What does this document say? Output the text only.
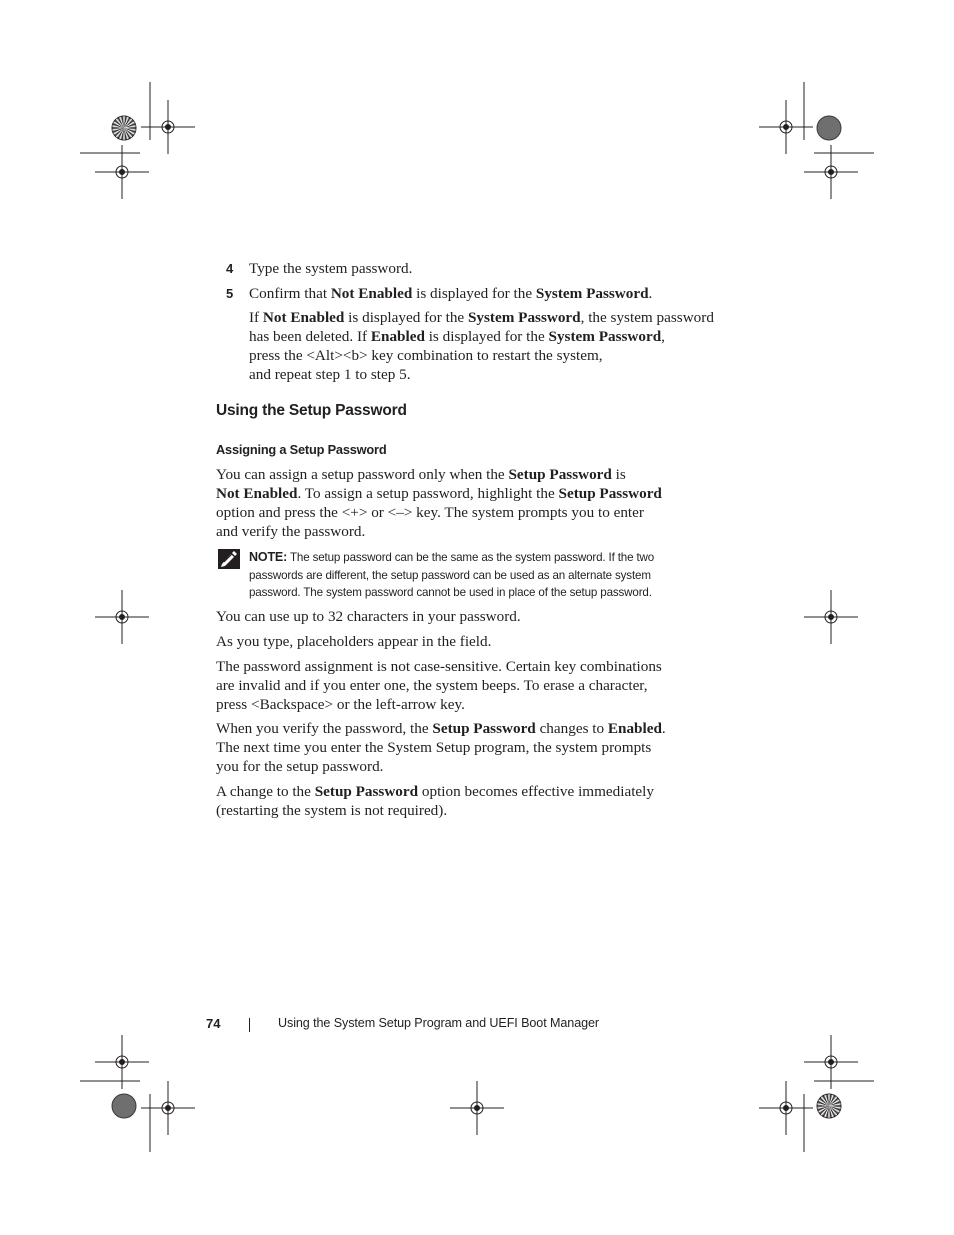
4 Type the system password.
5 Confirm that Not Enabled is displayed for the System Password.
If Not Enabled is displayed for the System Password, the system password
has been deleted. If Enabled is displayed for the System Password,
press the <Alt><b> key combination to restart the system,
and repeat step 1 to step 5.
Using the Setup Password
Assigning a Setup Password
You can assign a setup password only when the Setup Password is
Not Enabled. To assign a setup password, highlight the Setup Password
option and press the <+> or <–> key. The system prompts you to enter
and verify the password.
NOTE: The setup password can be the same as the system password. If the two
passwords are different, the setup password can be used as an alternate system
password. The system password cannot be used in place of the setup password.
You can use up to 32 characters in your password.
As you type, placeholders appear in the field.
The password assignment is not case-sensitive. Certain key combinations
are invalid and if you enter one, the system beeps. To erase a character,
press <Backspace> or the left-arrow key.
When you verify the password, the Setup Password changes to Enabled.
The next time you enter the System Setup program, the system prompts
you for the setup password.
A change to the Setup Password option becomes effective immediately
(restarting the system is not required).
74	Using the System Setup Program and UEFI Boot Manager
